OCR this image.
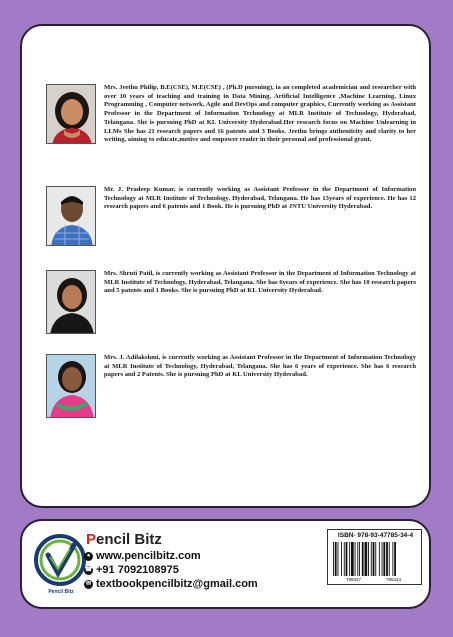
Mrs. Jeethu Philip, B.E(CSE), M.E(CSE) , (Ph.D pursuing), ia an completed academician and researcher with over 10 years of teaching and training in Data Mining, Artificial Intelligence ,Machine Learning, Linux Programming , Computer network, Agile and DevOps and computer graphics, Currently working as Assistant Professor in the Department of Information Technology at MLR Institute of Technology, Hyderabad, Telangana. She is pursuing PhD at KL University Hyderabad.Her research focus on Machine Unlearning in LLMs She has 21 research papers and 16 patents and 3 Books. Jeethu brings authenticity and clarity to her writing, aiming to educate,motive and empower reader in their personal anf professional grant.
Mr. J. Pradeep Kumar, is currently working as Assistant Professor in the Department of Information Technology at MLR Institute of Technology, Hyderabad, Telangana. He has 13years of experience. He has 12 research papers and 6 patents and 1 Book. He is pursuing PhD at JNTU University Hyderabad.
Mrs. Shruti Patil, is currently working as Assistant Professor in the Department of Information Technology at MLR Institute of Technology, Hyderabad, Telangana. She has 6years of experience. She has 10 research papers and 5 patents and 1 Books. She is pursuing PhD at KL University Hyderabad.
Mrs. J. Adilakshmi, is currently working as Assistant Professor in the Department of Information Technology at MLR Institute of Technology, Hyderabad, Telangana. She has 6 years of experience. She has 6 research papers and 2 Patents. She is pursuing PhD at KL University Hyderabad.
Pencil Bitz
Pencil Bitz
● www.pencilbitz.com
☎ +91 7092108975
✉ textbookpencilbitz@gmail.com
ISBN- 978-93-47785-34-4
789347	785344
